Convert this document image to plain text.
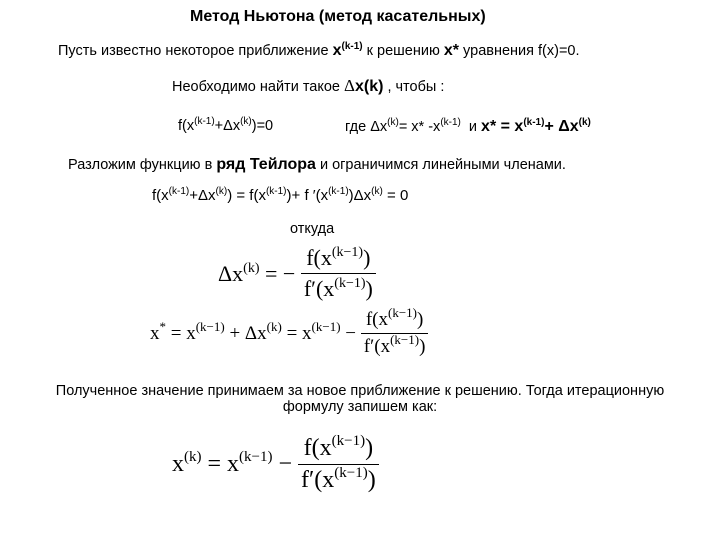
Метод Ньютона (метод касательных)
Пусть известно некоторое приближение $x^{(k-1)}$ к решению x* уравнения f(x)=0.
Необходимо найти такое Δx(k) , чтобы :
$f(x^{(k-1)}+\Delta x^{(k)})=0$	где $\Delta x^{(k)}= x*$ $-x^{(k-1)}$ и $x* = x^{(k-1)}+ \Delta x^{(k)}$
Разложим функцию в ряд Тейлора и ограничимся линейными членами.
$f(x^{(k-1)}+\Delta x^{(k)}) = f(x^{(k-1)})+ f$ $'(x^{(k-1)})\Delta x^{(k)} = 0$
откуда
$\Delta x^{(k)}$ = − $\frac{f(x^{(k-1)})}{f'(x^{(k-1)})}$
$x^* = x^{(k-1)} + \Delta x^{(k)} = x^{(k-1)} - \frac{f(x^{(k-1)})}{f'(x^{(k-1)})}$
Полученное значение принимаем за новое приближение к решению. Тогда итерационную
формулу запишем как:
$x^{(k)} = x^{(k-1)} - \frac{f(x^{(k-1)})}{f'(x^{(k-1)})}$
